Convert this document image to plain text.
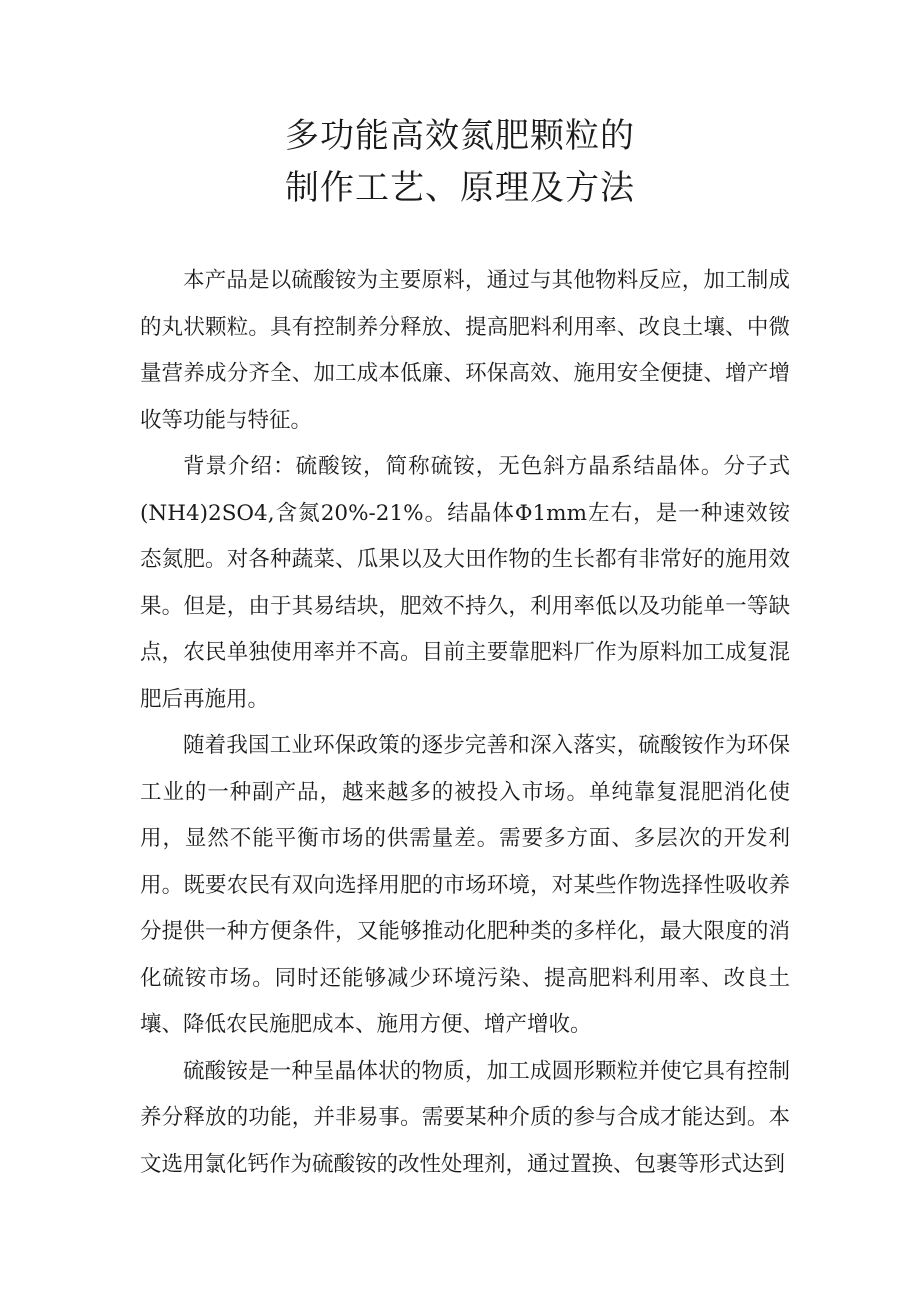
多功能高效氮肥颗粒的
制作工艺、原理及方法

本产品是以硫酸铵为主要原料，通过与其他物料反应，加工制成的丸状颗粒。具有控制养分释放、提高肥料利用率、改良土壤、中微量营养成分齐全、加工成本低廉、环保高效、施用安全便捷、增产增收等功能与特征。

背景介绍：硫酸铵，简称硫铵，无色斜方晶系结晶体。分子式(NH4)2SO4,含氮20%-21%。结晶体Φ1mm左右，是一种速效铵态氮肥。对各种蔬菜、瓜果以及大田作物的生长都有非常好的施用效果。但是，由于其易结块，肥效不持久，利用率低以及功能单一等缺点，农民单独使用率并不高。目前主要靠肥料厂作为原料加工成复混肥后再施用。

随着我国工业环保政策的逐步完善和深入落实，硫酸铵作为环保工业的一种副产品，越来越多的被投入市场。单纯靠复混肥消化使用，显然不能平衡市场的供需量差。需要多方面、多层次的开发利用。既要农民有双向选择用肥的市场环境，对某些作物选择性吸收养分提供一种方便条件，又能够推动化肥种类的多样化，最大限度的消化硫铵市场。同时还能够减少环境污染、提高肥料利用率、改良土壤、降低农民施肥成本、施用方便、增产增收。

硫酸铵是一种呈晶体状的物质，加工成圆形颗粒并使它具有控制养分释放的功能，并非易事。需要某种介质的参与合成才能达到。本文选用氯化钙作为硫酸铵的改性处理剂，通过置换、包裹等形式达到
